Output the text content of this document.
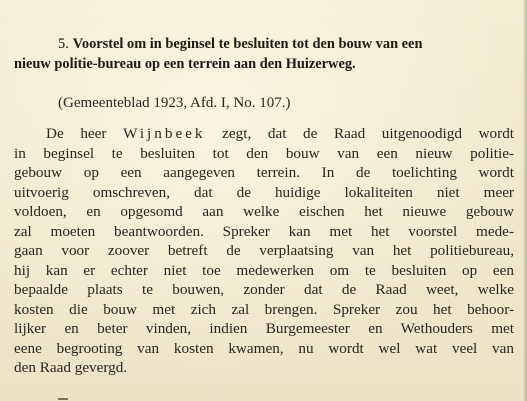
5. Voorstel om in beginsel te besluiten tot den bouw van een
nieuw politie-bureau op een terrein aan den Huizerweg.
(Gemeenteblad 1923, Afd. I, No. 107.)
De heer Wijnbeek zegt, dat de Raad uitgenoodigd wordt
in beginsel te besluiten tot den bouw van een nieuw politie-
gebouw op een aangegeven terrein. In de toelichting wordt
uitvoerig omschreven, dat de huidige lokaliteiten niet meer
voldoen, en opgesomd aan welke eischen het nieuwe gebouw
zal moeten beantwoorden. Spreker kan met het voorstel mede-
gaan voor zoover betreft de verplaatsing van het politiebureau,
hij kan er echter niet toe medewerken om te besluiten op een
bepaalde plaats te bouwen, zonder dat de Raad weet, welke
kosten die bouw met zich zal brengen. Spreker zou het behoor-
lijker en beter vinden, indien Burgemeester en Wethouders met
eene begrooting van kosten kwamen, nu wordt wel wat veel van
den Raad gevergd.
